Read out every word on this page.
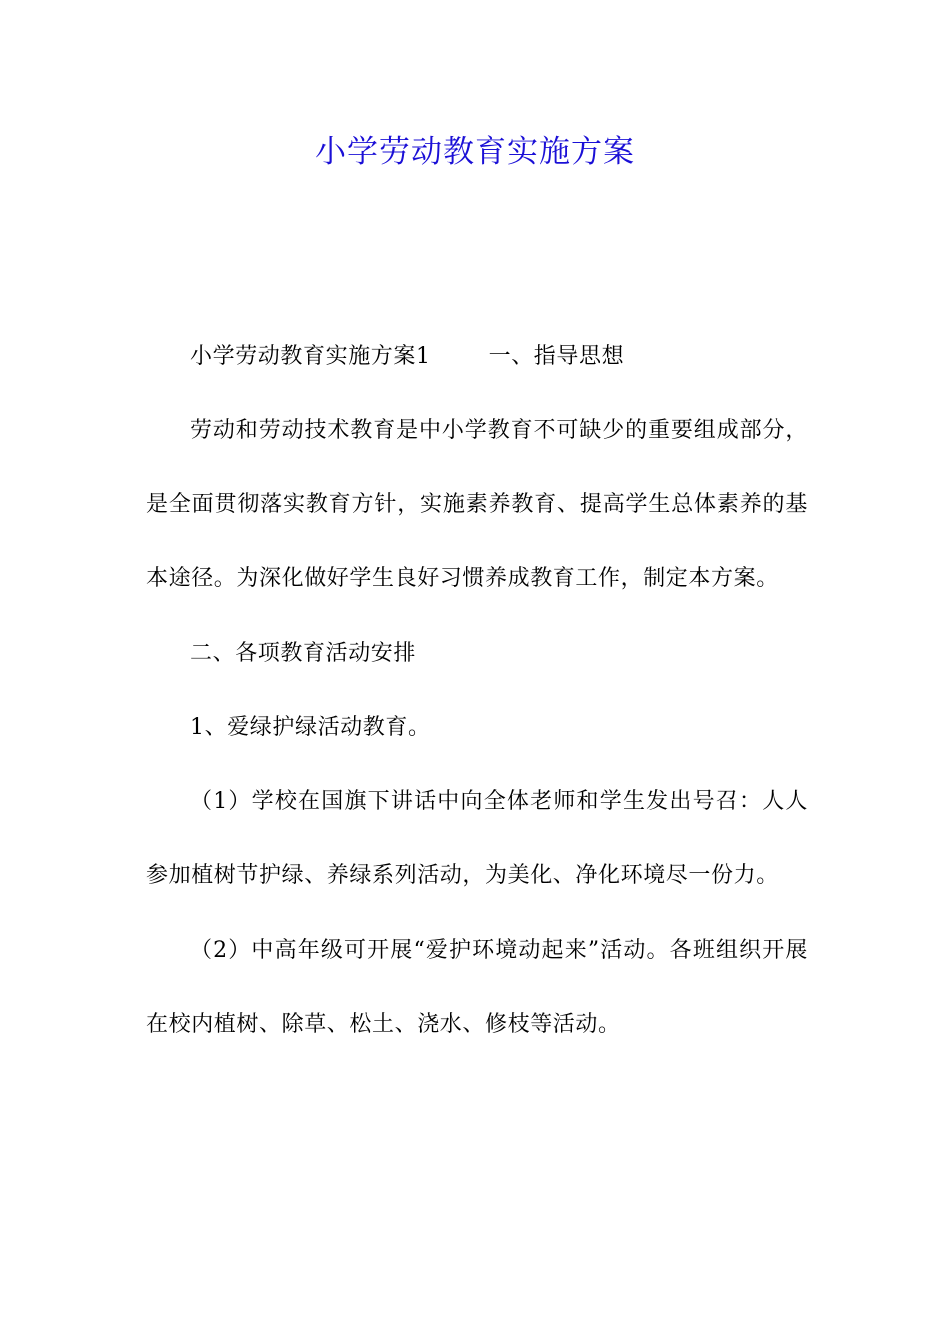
小学劳动教育实施方案

小学劳动教育实施方案1	一、指导思想

劳动和劳动技术教育是中小学教育不可缺少的重要组成部分，是全面贯彻落实教育方针，实施素养教育、提高学生总体素养的基本途径。为深化做好学生良好习惯养成教育工作，制定本方案。

二、各项教育活动安排

1、爱绿护绿活动教育。

（1）学校在国旗下讲话中向全体老师和学生发出号召：人人参加植树节护绿、养绿系列活动，为美化、净化环境尽一份力。

（2）中高年级可开展“爱护环境动起来”活动。各班组织开展在校内植树、除草、松土、浇水、修枝等活动。
